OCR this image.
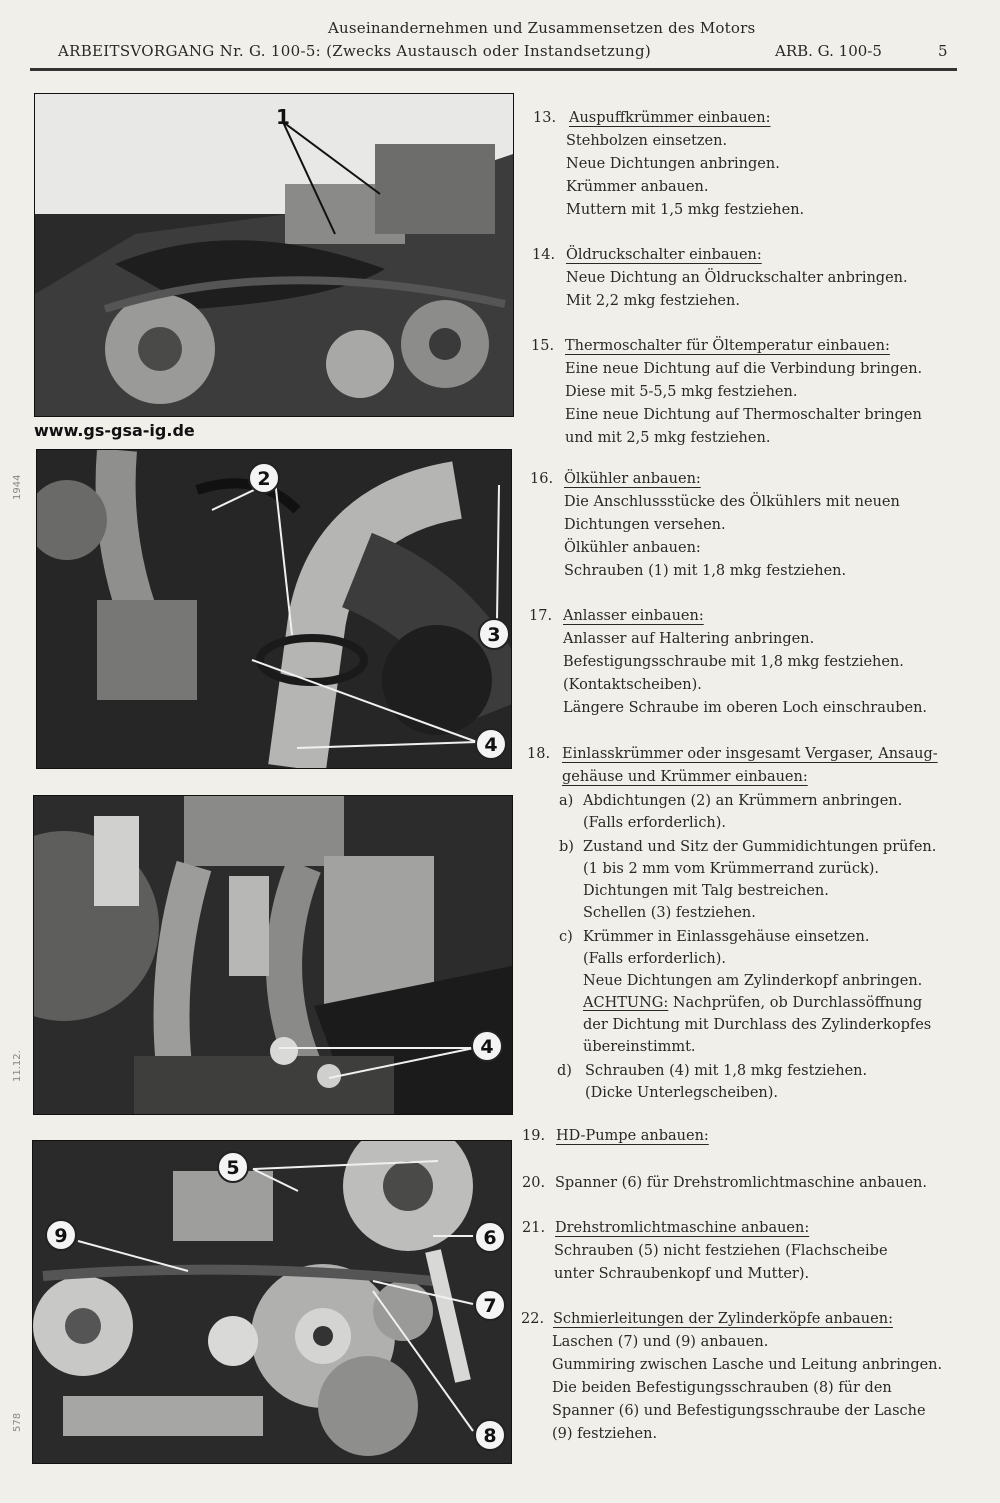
Auseinandernehmen und Zusammensetzen des Motors
ARBEITSVORGANG Nr. G. 100-5: (Zwecks Austausch oder Instandsetzung)	ARB. G. 100-5	5
1
www.gs-gsa-ig.de
2
3
4
4
5
6
9
7
8
1944
11.12.
578
13. Auspuffkrümmer einbauen:
Stehbolzen einsetzen.
Neue Dichtungen anbringen.
Krümmer anbauen.
Muttern mit 1,5 mkg festziehen.
14. Öldruckschalter einbauen:
Neue Dichtung an Öldruckschalter anbringen.
Mit 2,2 mkg festziehen.
15. Thermoschalter für Öltemperatur einbauen:
Eine neue Dichtung auf die Verbindung bringen.
Diese mit 5-5,5 mkg festziehen.
Eine neue Dichtung auf Thermoschalter bringen
und mit 2,5 mkg festziehen.
16. Ölkühler anbauen:
Die Anschlussstücke des Ölkühlers mit neuen
Dichtungen versehen.
Ölkühler anbauen:
Schrauben (1) mit 1,8 mkg festziehen.
17. Anlasser einbauen:
Anlasser auf Haltering anbringen.
Befestigungsschraube mit 1,8 mkg festziehen.
(Kontaktscheiben).
Längere Schraube im oberen Loch einschrauben.
18. Einlasskrümmer oder insgesamt Vergaser, Ansaug-
gehäuse und Krümmer einbauen:
a) Abdichtungen (2) an Krümmern anbringen.
(Falls erforderlich).
b) Zustand und Sitz der Gummidichtungen prüfen.
(1 bis 2 mm vom Krümmerrand zurück).
Dichtungen mit Talg bestreichen.
Schellen (3) festziehen.
c) Krümmer in Einlassgehäuse einsetzen.
(Falls erforderlich).
Neue Dichtungen am Zylinderkopf anbringen.
ACHTUNG: Nachprüfen, ob Durchlassöffnung
der Dichtung mit Durchlass des Zylinderkopfes
übereinstimmt.
d) Schrauben (4) mit 1,8 mkg festziehen.
(Dicke Unterlegscheiben).
19. HD-Pumpe anbauen:
20. Spanner (6) für Drehstromlichtmaschine anbauen.
21. Drehstromlichtmaschine anbauen:
Schrauben (5) nicht festziehen (Flachscheibe
unter Schraubenkopf und Mutter).
22. Schmierleitungen der Zylinderköpfe anbauen:
Laschen (7) und (9) anbauen.
Gummiring zwischen Lasche und Leitung anbringen.
Die beiden Befestigungsschrauben (8) für den
Spanner (6) und Befestigungsschraube der Lasche
(9) festziehen.
